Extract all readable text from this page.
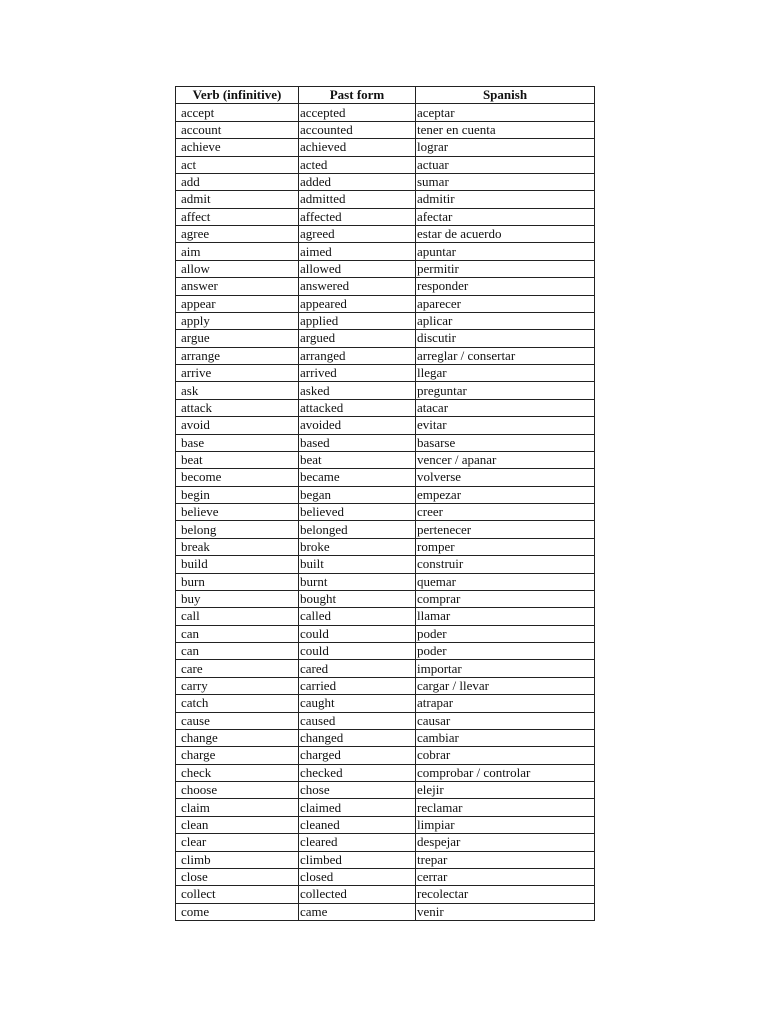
Verb (infinitive)	Past form	Spanish
accept	accepted	aceptar
account	accounted	tener en cuenta
achieve	achieved	lograr
act	acted	actuar
add	added	sumar
admit	admitted	admitir
affect	affected	afectar
agree	agreed	estar de acuerdo
aim	aimed	apuntar
allow	allowed	permitir
answer	answered	responder
appear	appeared	aparecer
apply	applied	aplicar
argue	argued	discutir
arrange	arranged	arreglar / consertar
arrive	arrived	llegar
ask	asked	preguntar
attack	attacked	atacar
avoid	avoided	evitar
base	based	basarse
beat	beat	vencer / apanar
become	became	volverse
begin	began	empezar
believe	believed	creer
belong	belonged	pertenecer
break	broke	romper
build	built	construir
burn	burnt	quemar
buy	bought	comprar
call	called	llamar
can	could	poder
can	could	poder
care	cared	importar
carry	carried	cargar / llevar
catch	caught	atrapar
cause	caused	causar
change	changed	cambiar
charge	charged	cobrar
check	checked	comprobar / controlar
choose	chose	elejir
claim	claimed	reclamar
clean	cleaned	limpiar
clear	cleared	despejar
climb	climbed	trepar
close	closed	cerrar
collect	collected	recolectar
come	came	venir
